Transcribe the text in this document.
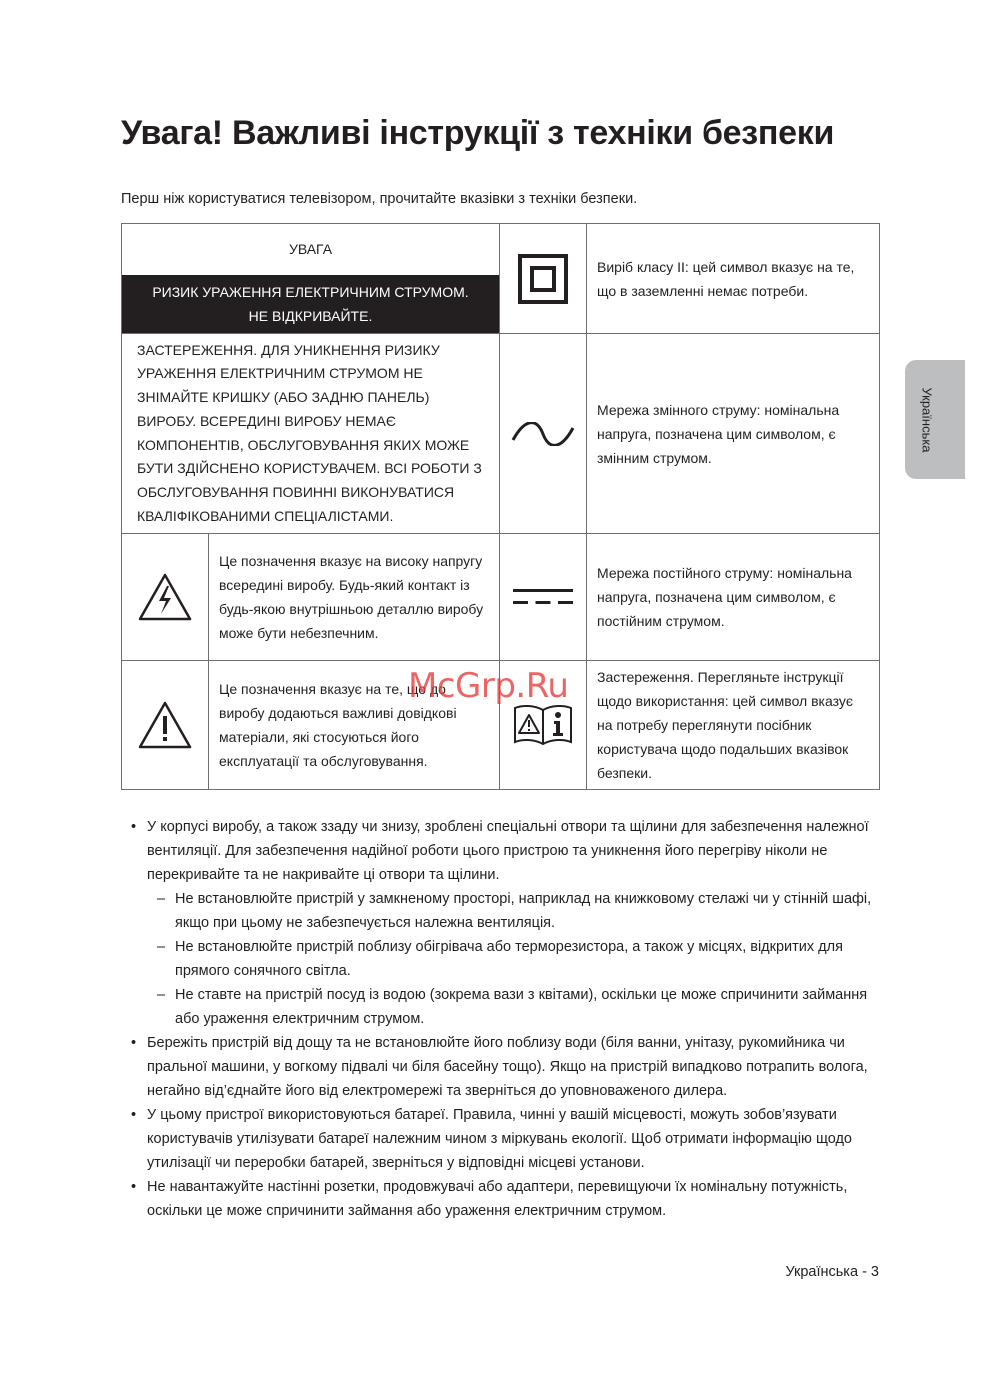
Увага! Важливі інструкції з техніки безпеки
Перш ніж користуватися телевізором, прочитайте вказівки з техніки безпеки.
УВАГА
РИЗИК УРАЖЕННЯ ЕЛЕКТРИЧНИМ СТРУМОМ.
НЕ ВІДКРИВАЙТЕ.			Виріб класу II: цей символ вказує на те, що в заземленні немає потреби.
ЗАСТЕРЕЖЕННЯ. ДЛЯ УНИКНЕННЯ РИЗИКУ УРАЖЕННЯ ЕЛЕКТРИЧНИМ СТРУМОМ НЕ ЗНІМАЙТЕ КРИШКУ (АБО ЗАДНЮ ПАНЕЛЬ) ВИРОБУ. ВСЕРЕДИНІ ВИРОБУ НЕМАЄ КОМПОНЕНТІВ, ОБСЛУГОВУВАННЯ ЯКИХ МОЖЕ БУТИ ЗДІЙСНЕНО КОРИСТУВАЧЕМ. ВСІ РОБОТИ З ОБСЛУГОВУВАННЯ ПОВИННІ ВИКОНУВАТИСЯ КВАЛІФІКОВАНИМИ СПЕЦІАЛІСТАМИ.			Мережа змінного струму: номінальна напруга, позначена цим символом, є змінним струмом.

	Це позначення вказує на високу напругу всередині виробу. Будь-який контакт із будь-якою внутрішньою деталлю виробу може бути небезпечним.		Мережа постійного струму: номінальна напруга, позначена цим символом, є постійним струмом.

	Це позначення вказує на те, що до виробу додаються важливі довідкові матеріали, які стосуються його експлуатації та обслуговування.		Застереження. Перегляньте інструкції щодо використання: цей символ вказує на потребу переглянути посібник користувача щодо подальших вказівок безпеки.
McGrp.Ru
• У корпусі виробу, а також ззаду чи знизу, зроблені спеціальні отвори та щілини для забезпечення належної вентиляції. Для забезпечення надійної роботи цього пристрою та уникнення його перегріву ніколи не перекривайте та не накривайте ці отвори та щілини.
– Не встановлюйте пристрій у замкненому просторі, наприклад на книжковому стелажі чи у стінній шафі, якщо при цьому не забезпечується належна вентиляція.
– Не встановлюйте пристрій поблизу обігрівача або терморезистора, а також у місцях, відкритих для прямого сонячного світла.
– Не ставте на пристрій посуд із водою (зокрема вази з квітами), оскільки це може спричинити займання або ураження електричним струмом.
• Бережіть пристрій від дощу та не встановлюйте його поблизу води (біля ванни, унітазу, рукомийника чи пральної машини, у вогкому підвалі чи біля басейну тощо). Якщо на пристрій випадково потрапить волога, негайно від’єднайте його від електромережі та зверніться до уповноваженого дилера.
• У цьому пристрої використовуються батареї. Правила, чинні у вашій місцевості, можуть зобов’язувати користувачів утилізувати батареї належним чином з міркувань екології. Щоб отримати інформацію щодо утилізації чи переробки батарей, зверніться у відповідні місцеві установи.
• Не навантажуйте настінні розетки, продовжувачі або адаптери, перевищуючи їх номінальну потужність, оскільки це може спричинити займання або ураження електричним струмом.
Українська
Українська - 3
